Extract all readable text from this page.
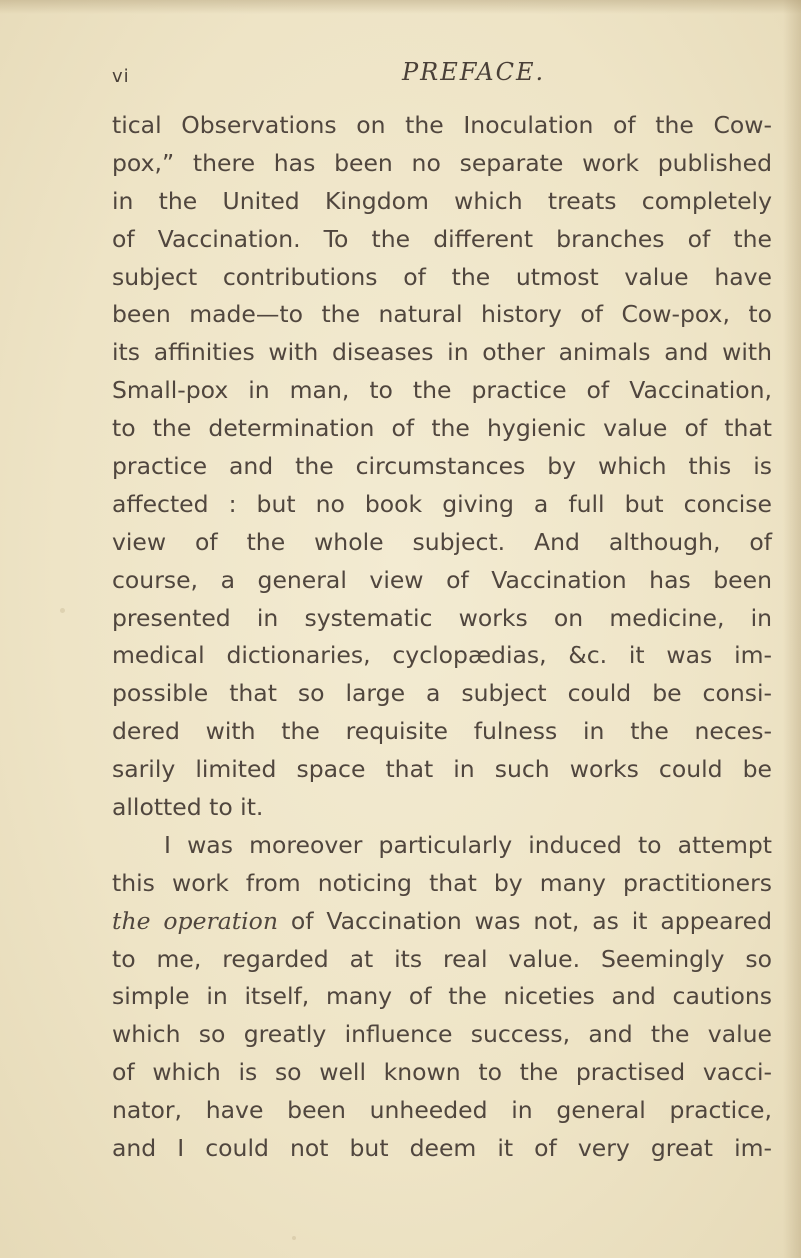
vi	PREFACE.
tical Observations on the Inoculation of the Cow-
pox,” there has been no separate work published
in the United Kingdom which treats completely
of Vaccination. To the different branches of the
subject contributions of the utmost value have
been made—to the natural history of Cow-pox, to
its affinities with diseases in other animals and with
Small-pox in man, to the practice of Vaccination,
to the determination of the hygienic value of that
practice and the circumstances by which this is
affected : but no book giving a full but concise
view of the whole subject. And although, of
course, a general view of Vaccination has been
presented in systematic works on medicine, in
medical dictionaries, cyclopædias, &c. it was im-
possible that so large a subject could be consi-
dered with the requisite fulness in the neces-
sarily limited space that in such works could be
allotted to it.
I was moreover particularly induced to attempt
this work from noticing that by many practitioners
the operation of Vaccination was not, as it appeared
to me, regarded at its real value. Seemingly so
simple in itself, many of the niceties and cautions
which so greatly influence success, and the value
of which is so well known to the practised vacci-
nator, have been unheeded in general practice,
and I could not but deem it of very great im-
